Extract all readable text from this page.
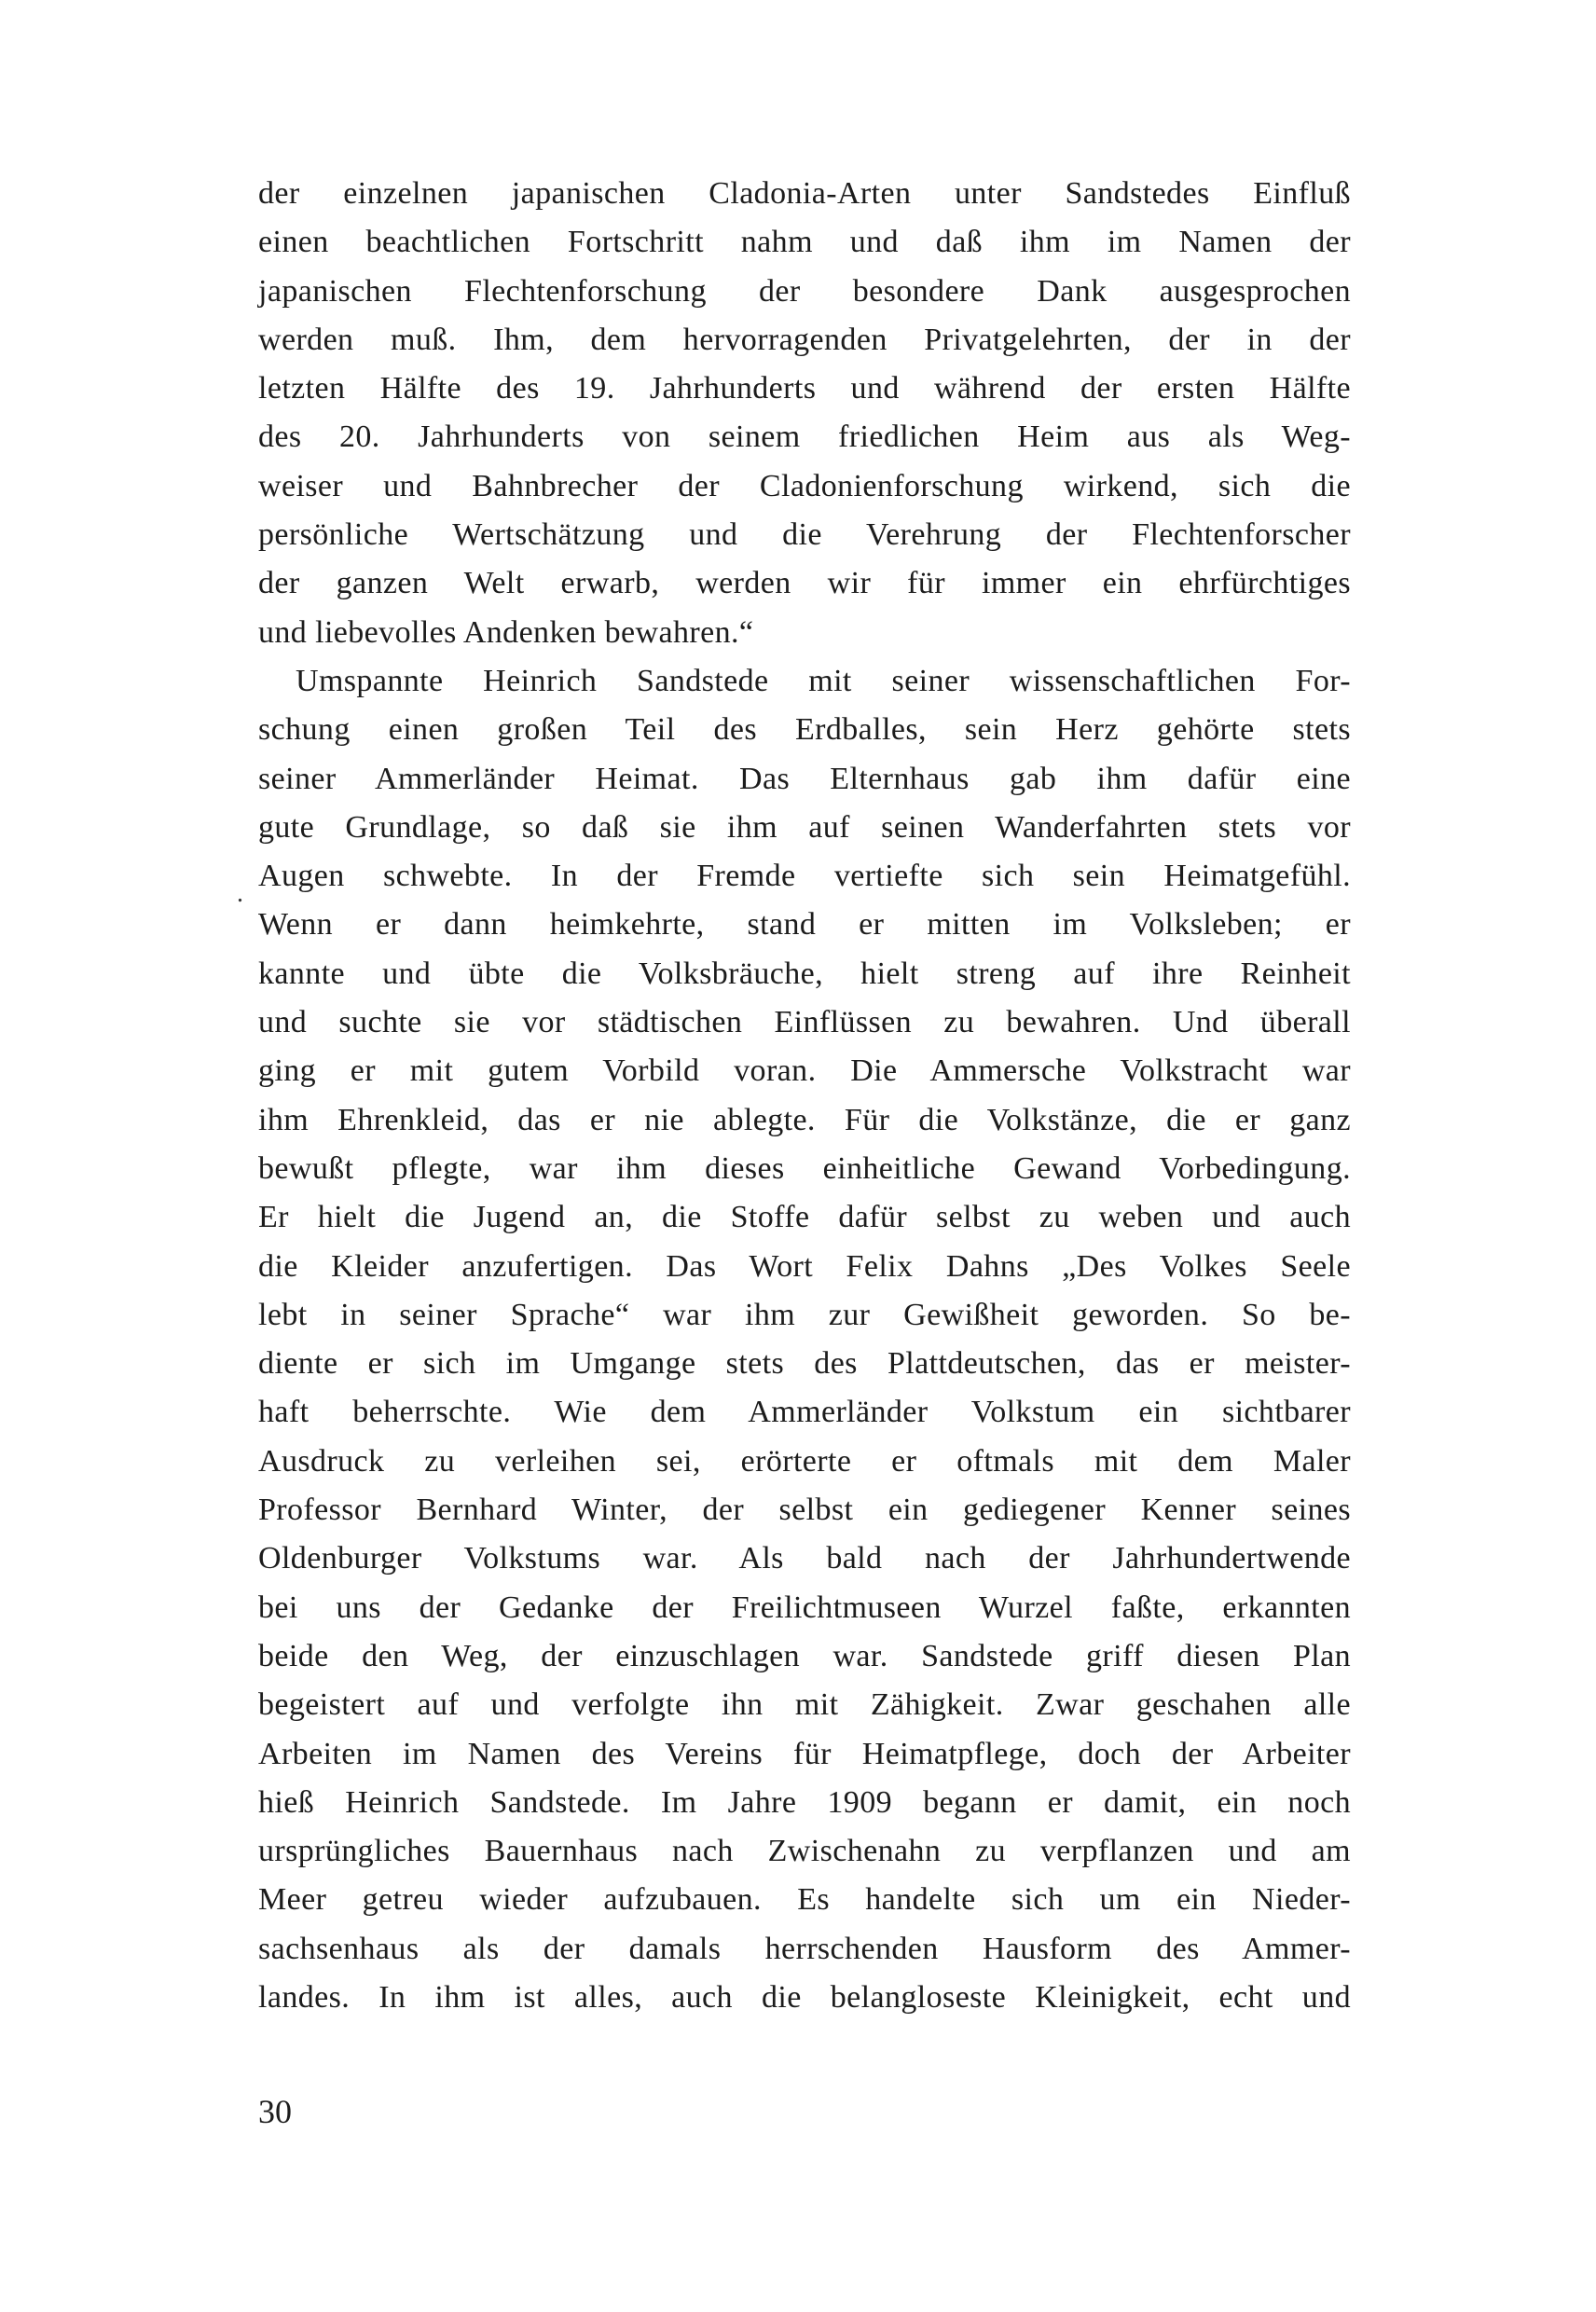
der einzelnen japanischen Cladonia-Arten unter Sandstedes Einfluß
einen beachtlichen Fortschritt nahm und daß ihm im Namen der
japanischen Flechtenforschung der besondere Dank ausgesprochen
werden muß. Ihm, dem hervorragenden Privatgelehrten, der in der
letzten Hälfte des 19. Jahrhunderts und während der ersten Hälfte
des 20. Jahrhunderts von seinem friedlichen Heim aus als Weg-
weiser und Bahnbrecher der Cladonienforschung wirkend, sich die
persönliche Wertschätzung und die Verehrung der Flechtenforscher
der ganzen Welt erwarb, werden wir für immer ein ehrfürchtiges
und liebevolles Andenken bewahren.“
Umspannte Heinrich Sandstede mit seiner wissenschaftlichen For-
schung einen großen Teil des Erdballes, sein Herz gehörte stets
seiner Ammerländer Heimat. Das Elternhaus gab ihm dafür eine
gute Grundlage, so daß sie ihm auf seinen Wanderfahrten stets vor
Augen schwebte. In der Fremde vertiefte sich sein Heimatgefühl.
Wenn er dann heimkehrte, stand er mitten im Volksleben; er
kannte und übte die Volksbräuche, hielt streng auf ihre Reinheit
und suchte sie vor städtischen Einflüssen zu bewahren. Und überall
ging er mit gutem Vorbild voran. Die Ammersche Volkstracht war
ihm Ehrenkleid, das er nie ablegte. Für die Volkstänze, die er ganz
bewußt pflegte, war ihm dieses einheitliche Gewand Vorbedingung.
Er hielt die Jugend an, die Stoffe dafür selbst zu weben und auch
die Kleider anzufertigen. Das Wort Felix Dahns „Des Volkes Seele
lebt in seiner Sprache“ war ihm zur Gewißheit geworden. So be-
diente er sich im Umgange stets des Plattdeutschen, das er meister-
haft beherrschte. Wie dem Ammerländer Volkstum ein sichtbarer
Ausdruck zu verleihen sei, erörterte er oftmals mit dem Maler
Professor Bernhard Winter, der selbst ein gediegener Kenner seines
Oldenburger Volkstums war. Als bald nach der Jahrhundertwende
bei uns der Gedanke der Freilichtmuseen Wurzel faßte, erkannten
beide den Weg, der einzuschlagen war. Sandstede griff diesen Plan
begeistert auf und verfolgte ihn mit Zähigkeit. Zwar geschahen alle
Arbeiten im Namen des Vereins für Heimatpflege, doch der Arbeiter
hieß Heinrich Sandstede. Im Jahre 1909 begann er damit, ein noch
ursprüngliches Bauernhaus nach Zwischenahn zu verpflanzen und am
Meer getreu wieder aufzubauen. Es handelte sich um ein Nieder-
sachsenhaus als der damals herrschenden Hausform des Ammer-
landes. In ihm ist alles, auch die belangloseste Kleinigkeit, echt und
.
30
